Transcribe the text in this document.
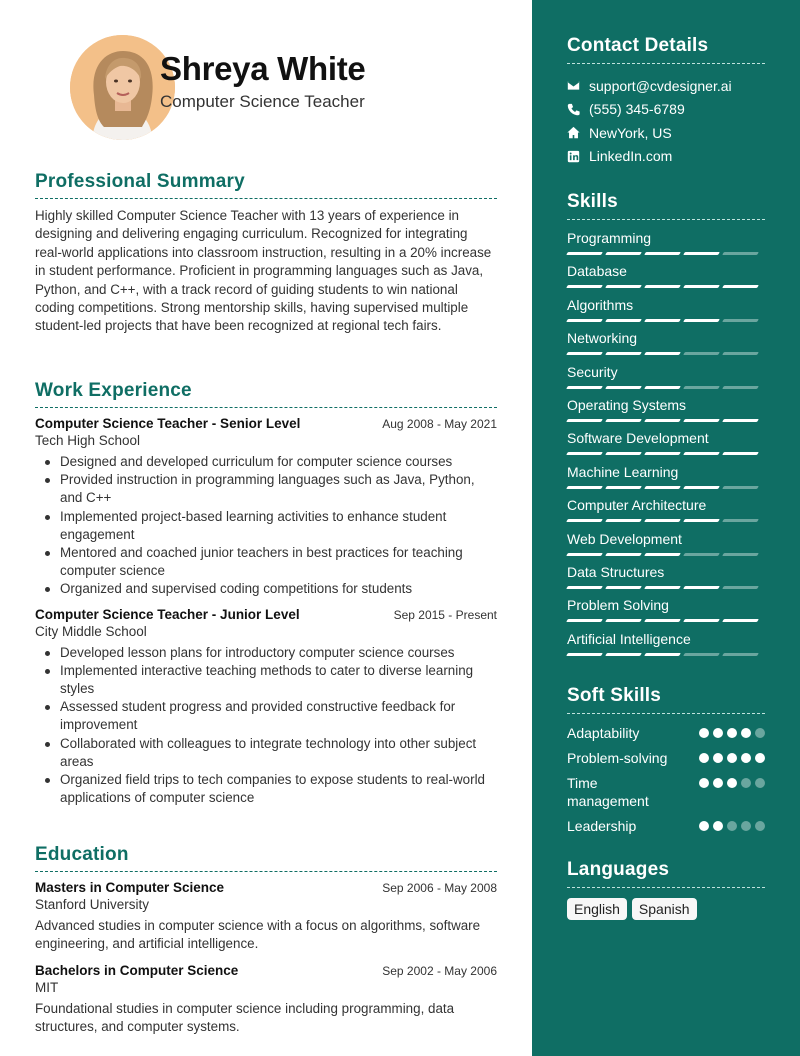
Shreya White
Computer Science Teacher
Professional Summary

Highly skilled Computer Science Teacher with 13 years of experience in designing and delivering engaging curriculum. Recognized for integrating real-world applications into classroom instruction, resulting in a 20% increase in student performance. Proficient in programming languages such as Java, Python, and C++, with a track record of guiding students to win national coding competitions. Strong mentorship skills, having supervised multiple student-led projects that have been recognized at regional tech fairs.

Work Experience
Computer Science Teacher - Senior Level	Aug 2008 - May 2021
Tech High School
Designed and developed curriculum for computer science courses
Provided instruction in programming languages such as Java, Python, and C++
Implemented project-based learning activities to enhance student engagement
Mentored and coached junior teachers in best practices for teaching computer science
Organized and supervised coding competitions for students
Computer Science Teacher - Junior Level	Sep 2015 - Present
City Middle School
Developed lesson plans for introductory computer science courses
Implemented interactive teaching methods to cater to diverse learning styles
Assessed student progress and provided constructive feedback for improvement
Collaborated with colleagues to integrate technology into other subject areas
Organized field trips to tech companies to expose students to real-world applications of computer science
Education
Masters in Computer Science	Sep 2006 - May 2008
Stanford University

Advanced studies in computer science with a focus on algorithms, software engineering, and artificial intelligence.

Bachelors in Computer Science	Sep 2002 - May 2006
MIT

Foundational studies in computer science including programming, data structures, and computer systems.

Contact Details
support@cvdesigner.ai
(555) 345-6789
NewYork, US
LinkedIn.com
Skills
Programming
Database
Algorithms
Networking
Security
Operating Systems
Software Development
Machine Learning
Computer Architecture
Web Development
Data Structures
Problem Solving
Artificial Intelligence
Soft Skills
Adaptability
Problem-solving
Time management
Leadership
Languages
English	Spanish
